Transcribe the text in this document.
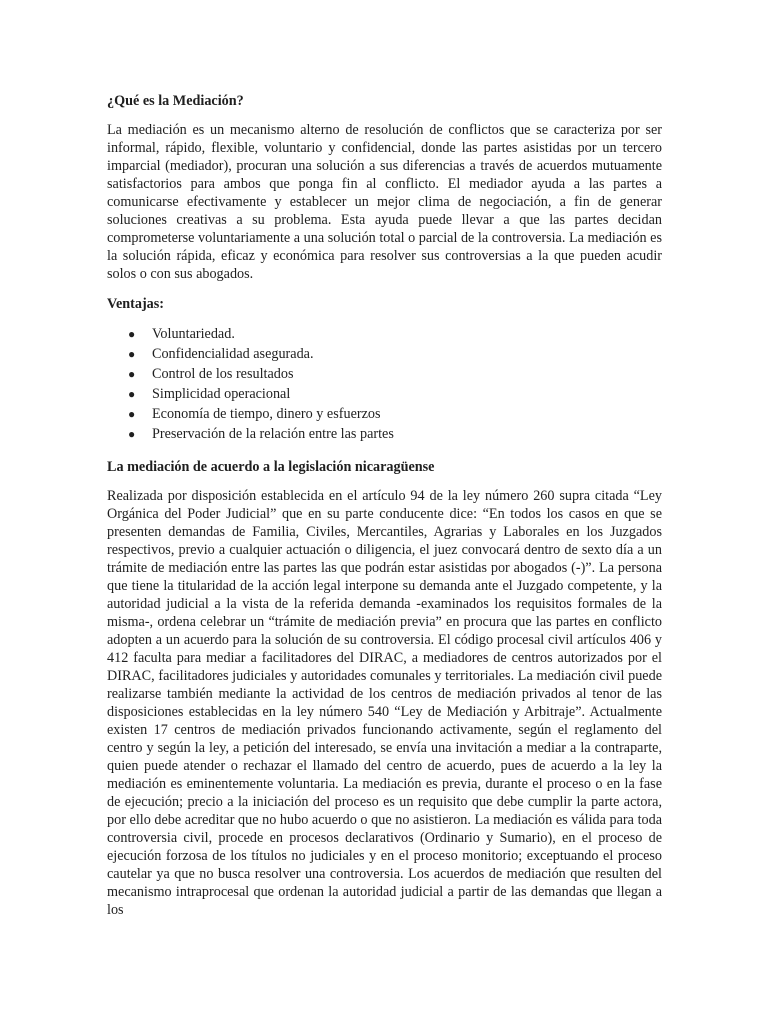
¿Qué es la Mediación?
La mediación es un mecanismo alterno de resolución de conflictos que se caracteriza por ser informal, rápido, flexible, voluntario y confidencial, donde las partes asistidas por un tercero imparcial (mediador), procuran una solución a sus diferencias a través de acuerdos mutuamente satisfactorios para ambos que ponga fin al conflicto. El mediador ayuda a las partes a comunicarse efectivamente y establecer un mejor clima de negociación, a fin de generar soluciones creativas a su problema. Esta ayuda puede llevar a que las partes decidan comprometerse voluntariamente a una solución total o parcial de la controversia. La mediación es la solución rápida, eficaz y económica para resolver sus controversias a la que pueden acudir solos o con sus abogados.
Ventajas:
● Voluntariedad.
● Confidencialidad asegurada.
● Control de los resultados
● Simplicidad operacional
● Economía de tiempo, dinero y esfuerzos
● Preservación de la relación entre las partes
La mediación de acuerdo a la legislación nicaragüense
Realizada por disposición establecida en el artículo 94 de la ley número 260 supra citada “Ley Orgánica del Poder Judicial” que en su parte conducente dice: “En todos los casos en que se presenten demandas de Familia, Civiles, Mercantiles, Agrarias y Laborales en los Juzgados respectivos, previo a cualquier actuación o diligencia, el juez convocará dentro de sexto día a un trámite de mediación entre las partes las que podrán estar asistidas por abogados (-)”. La persona que tiene la titularidad de la acción legal interpone su demanda ante el Juzgado competente, y la autoridad judicial a la vista de la referida demanda -examinados los requisitos formales de la misma-, ordena celebrar un “trámite de mediación previa” en procura que las partes en conflicto adopten a un acuerdo para la solución de su controversia. El código procesal civil artículos 406 y 412 faculta para mediar a facilitadores del DIRAC, a mediadores de centros autorizados por el DIRAC, facilitadores judiciales y autoridades comunales y territoriales. La mediación civil puede realizarse también mediante la actividad de los centros de mediación privados al tenor de las disposiciones establecidas en la ley número 540 “Ley de Mediación y Arbitraje”. Actualmente existen 17 centros de mediación privados funcionando activamente, según el reglamento del centro y según la ley, a petición del interesado, se envía una invitación a mediar a la contraparte, quien puede atender o rechazar el llamado del centro de acuerdo, pues de acuerdo a la ley la mediación es eminentemente voluntaria. La mediación es previa, durante el proceso o en la fase de ejecución; precio a la iniciación del proceso es un requisito que debe cumplir la parte actora, por ello debe acreditar que no hubo acuerdo o que no asistieron. La mediación es válida para toda controversia civil, procede en procesos declarativos (Ordinario y Sumario), en el proceso de ejecución forzosa de los títulos no judiciales y en el proceso monitorio; exceptuando el proceso cautelar ya que no busca resolver una controversia. Los acuerdos de mediación que resulten del mecanismo intraprocesal que ordenan la autoridad judicial a partir de las demandas que llegan a los
